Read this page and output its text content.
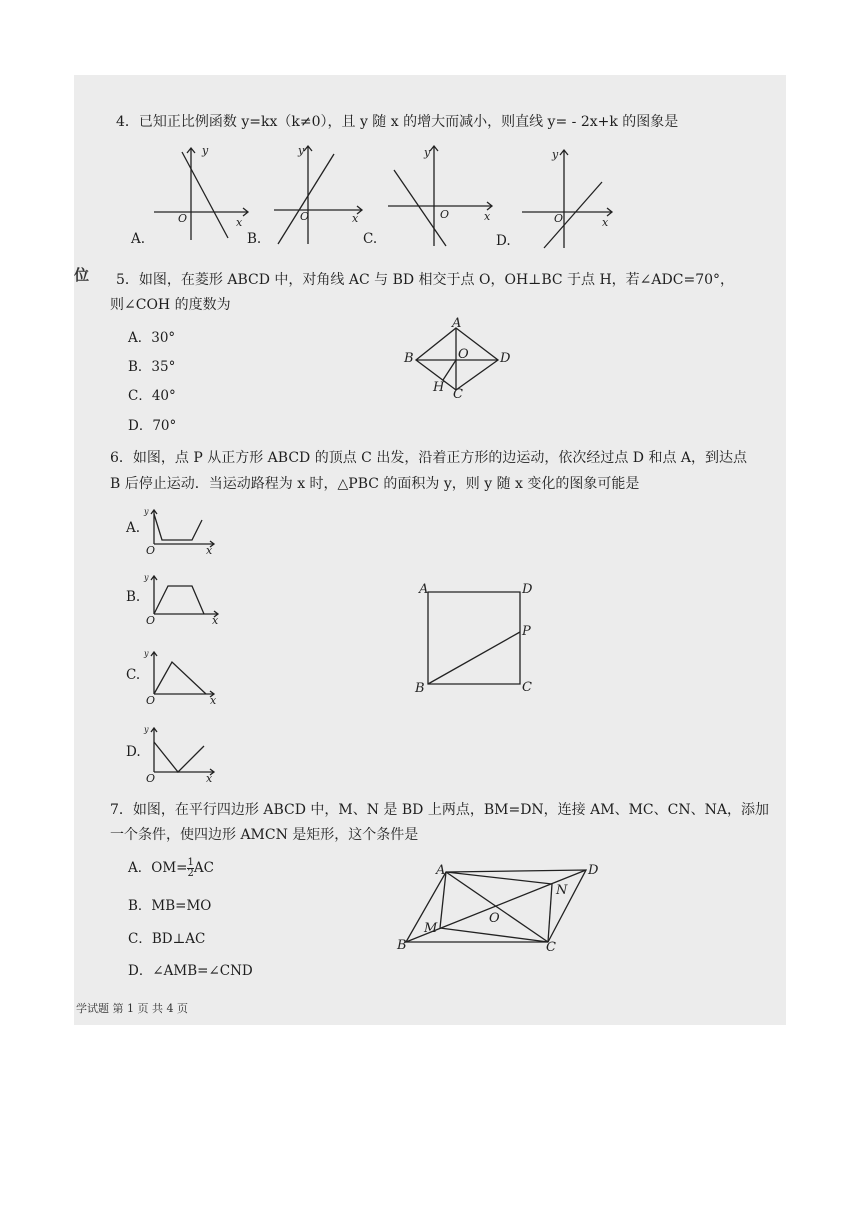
位
4．已知正比例函数 y=kx（k≠0），且 y 随 x 的增大而减小，则直线 y= - 2x+k 的图象是
y
x
O
A.
y
x
O
B.
y
x
O
C.
y
x
O
D.
5．如图，在菱形 ABCD 中，对角线 AC 与 BD 相交于点 O，OH⊥BC 于点 H，若∠ADC=70°，
则∠COH 的度数为
A．30°
B．35°
C．40°
D．70°
A
B	O D
H C
6．如图，点 P 从正方形 ABCD 的顶点 C 出发，沿着正方形的边运动，依次经过点 D 和点 A，到达点
B 后停止运动．当运动路程为 x 时，△PBC 的面积为 y，则 y 随 x 变化的图象可能是
A.
O	x
y
B.
O	x
y
C.
O	x
y
D.
O	x
y
A	D
P
B	C
7．如图，在平行四边形 ABCD 中，M、N 是 BD 上两点，BM=DN，连接 AM、MC、CN、NA，添加
一个条件，使四边形 AMCN 是矩形，这个条件是
A．$OM= \frac{1}{2}$ AC
B．MB=MO
C．BD⊥AC
D．∠AMB=∠CND
A	D
N
O
M
B	C
学试题 第 1 页 共 4 页
